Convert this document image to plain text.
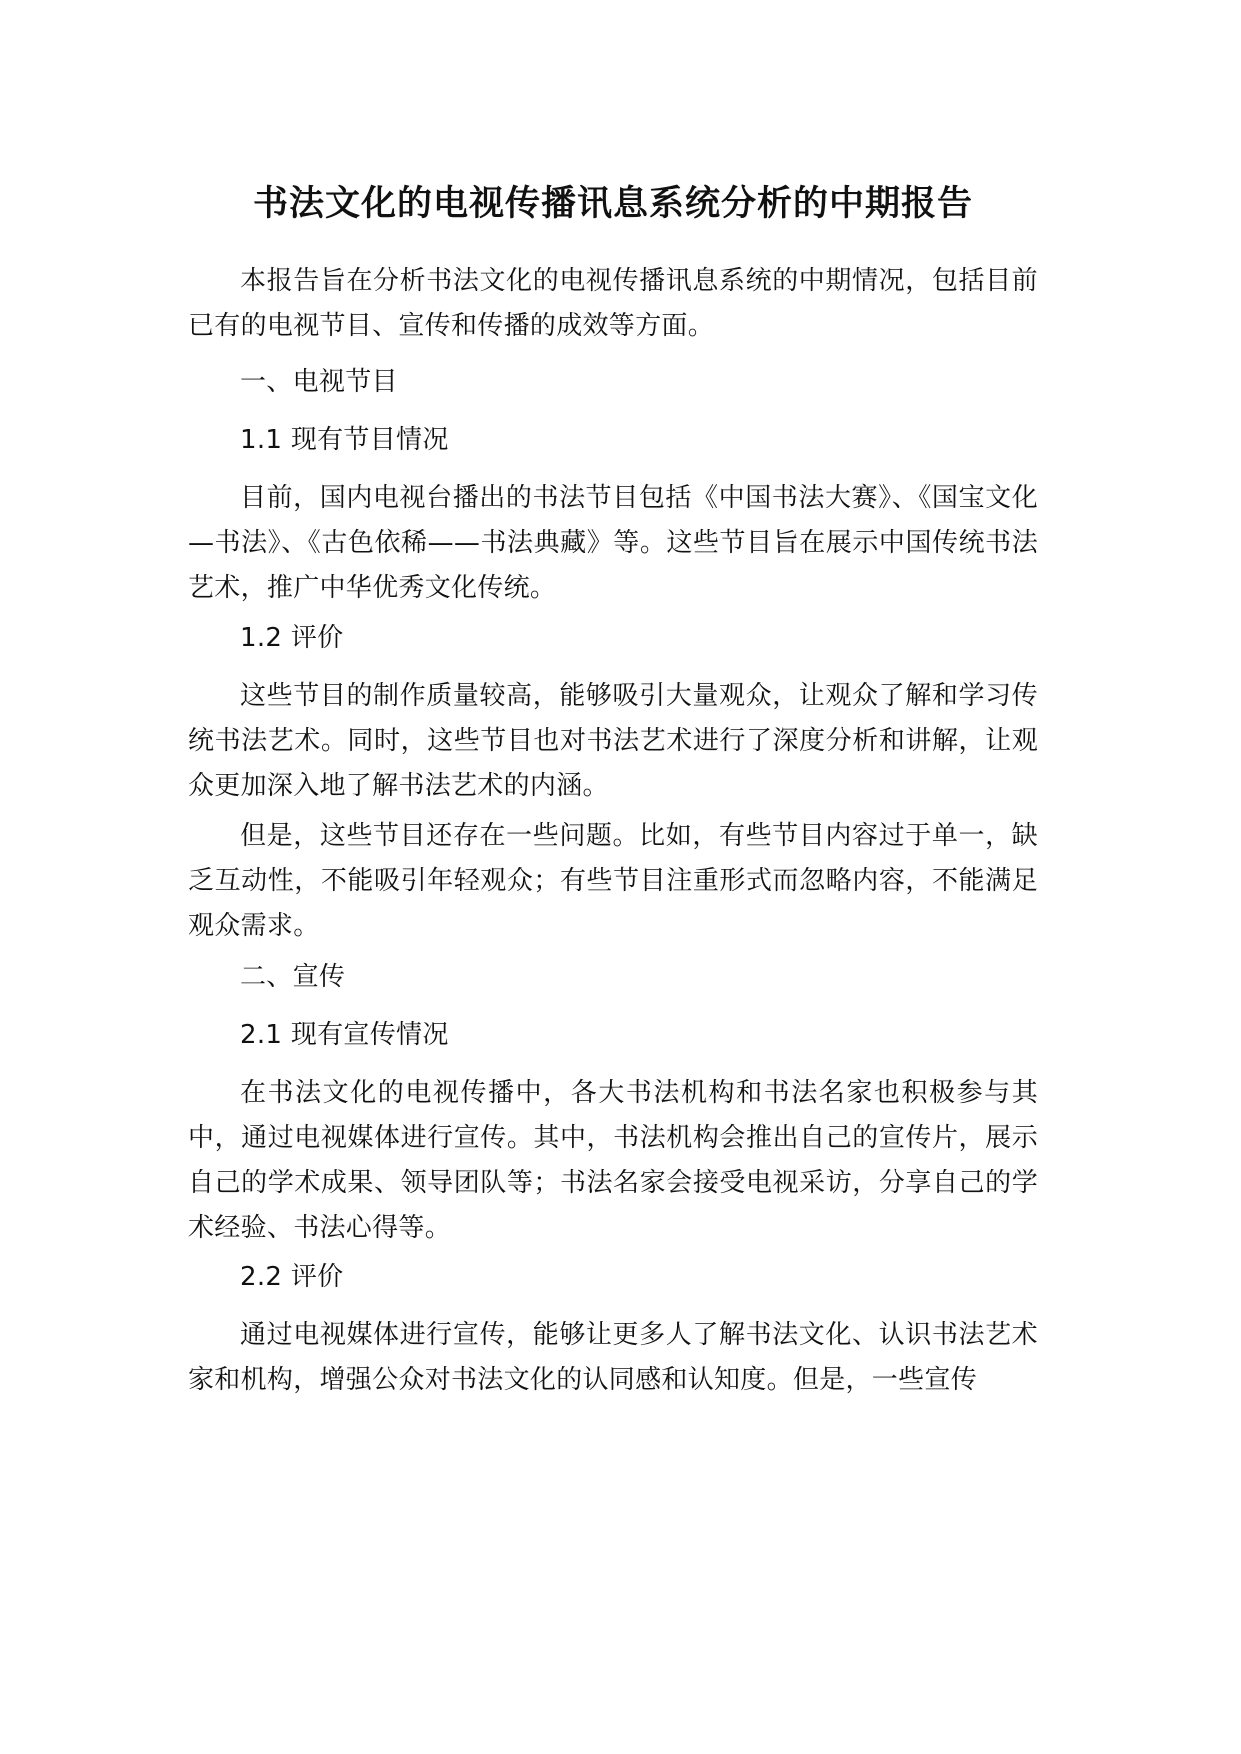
书法文化的电视传播讯息系统分析的中期报告

本报告旨在分析书法文化的电视传播讯息系统的中期情况，包括目前已有的电视节目、宣传和传播的成效等方面。

一、电视节目

1.1 现有节目情况

目前，国内电视台播出的书法节目包括《中国书法大赛》、《国宝文化—书法》、《古色依稀——书法典藏》等。这些节目旨在展示中国传统书法艺术，推广中华优秀文化传统。

1.2 评价

这些节目的制作质量较高，能够吸引大量观众，让观众了解和学习传统书法艺术。同时，这些节目也对书法艺术进行了深度分析和讲解，让观众更加深入地了解书法艺术的内涵。

但是，这些节目还存在一些问题。比如，有些节目内容过于单一，缺乏互动性，不能吸引年轻观众；有些节目注重形式而忽略内容，不能满足观众需求。

二、宣传

2.1 现有宣传情况

在书法文化的电视传播中，各大书法机构和书法名家也积极参与其中，通过电视媒体进行宣传。其中，书法机构会推出自己的宣传片，展示自己的学术成果、领导团队等；书法名家会接受电视采访，分享自己的学术经验、书法心得等。

2.2 评价

通过电视媒体进行宣传，能够让更多人了解书法文化、认识书法艺术家和机构，增强公众对书法文化的认同感和认知度。但是，一些宣传
